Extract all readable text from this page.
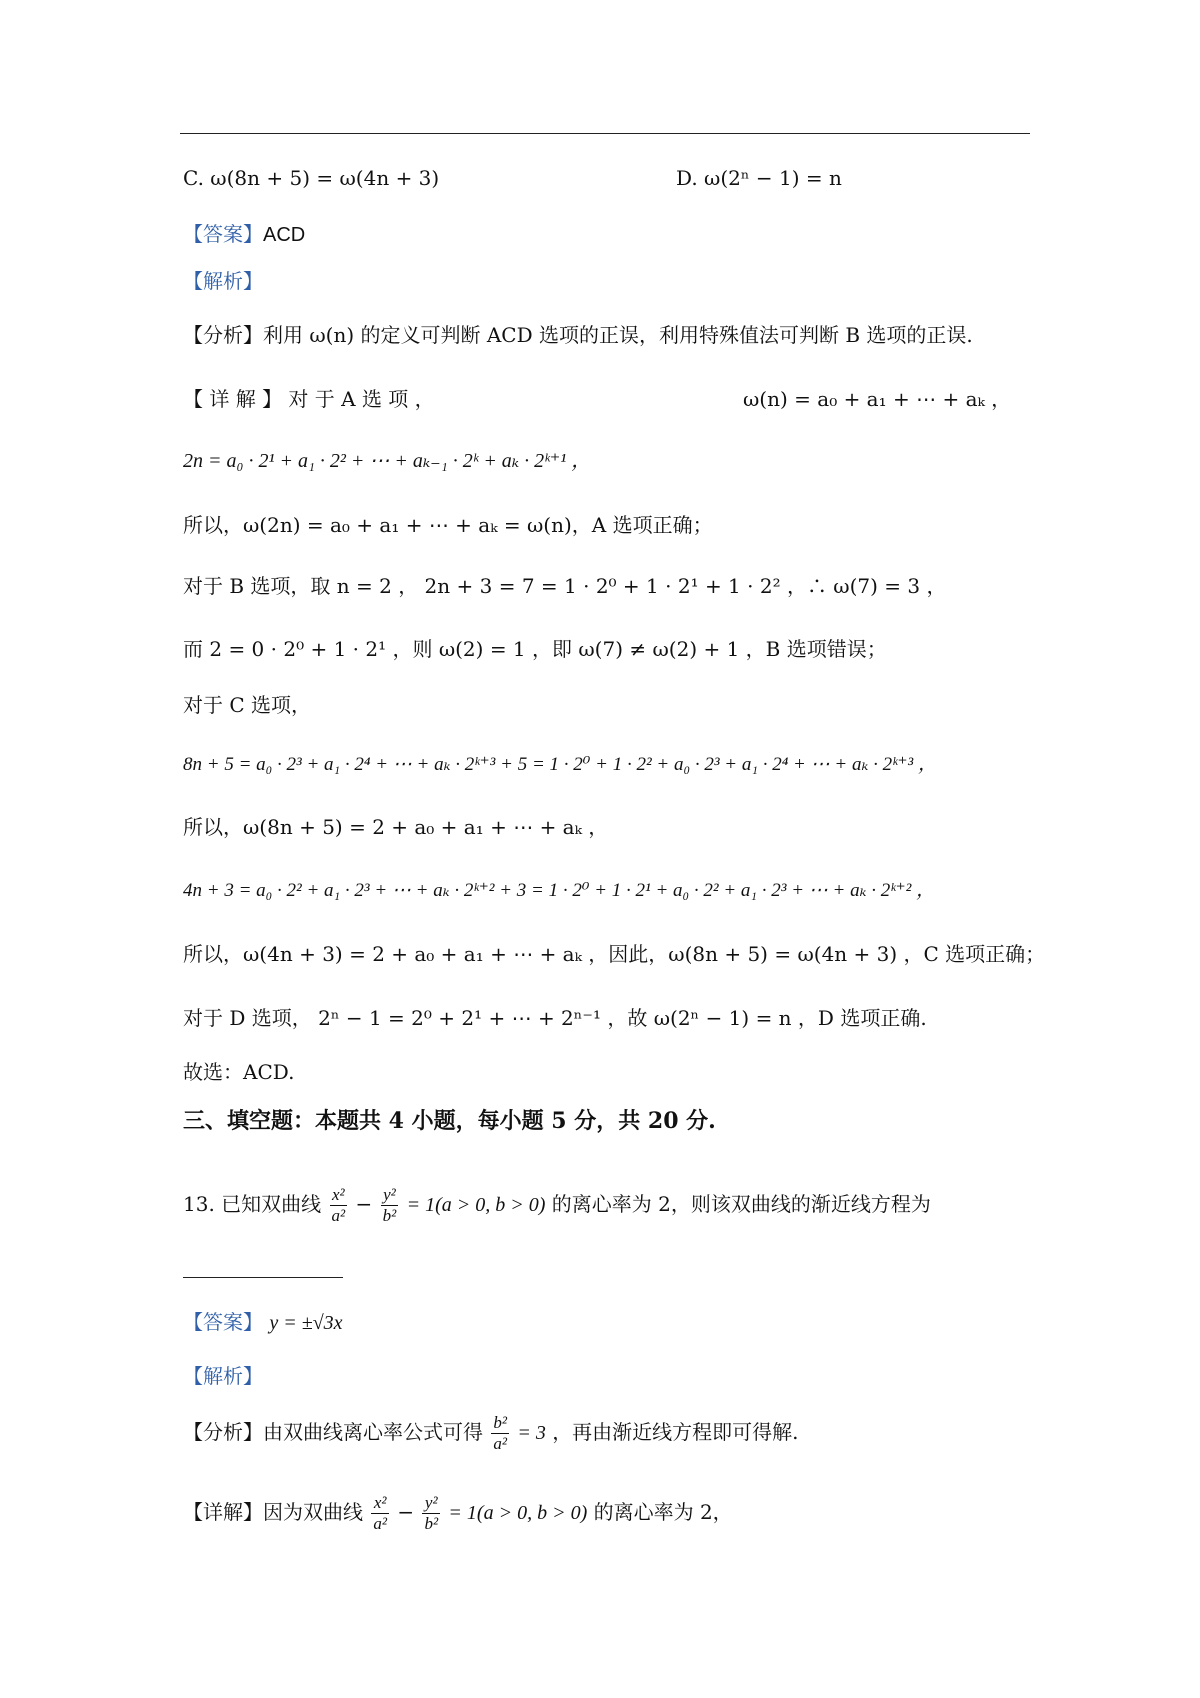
C. ω(8n + 5) = ω(4n + 3)	D. ω(2ⁿ − 1) = n
【答案】ACD
【解析】
【分析】利用 ω(n) 的定义可判断 ACD 选项的正误，利用特殊值法可判断 B 选项的正误.
【 详 解 】 对 于 A 选 项 ，	ω(n) = a₀ + a₁ + ⋯ + aₖ ，
2n = a₀ · 2¹ + a₁ · 2² + ⋯ + aₖ₋₁ · 2ᵏ + aₖ · 2ᵏ⁺¹ ，
所以，ω(2n) = a₀ + a₁ + ⋯ + aₖ = ω(n)，A 选项正确；
对于 B 选项，取 n = 2 ， 2n + 3 = 7 = 1 · 2⁰ + 1 · 2¹ + 1 · 2² ，∴ ω(7) = 3 ，
而 2 = 0 · 2⁰ + 1 · 2¹ ，则 ω(2) = 1 ，即 ω(7) ≠ ω(2) + 1 ，B 选项错误；
对于 C 选项，
8n + 5 = a₀ · 2³ + a₁ · 2⁴ + ⋯ + aₖ · 2ᵏ⁺³ + 5 = 1 · 2⁰ + 1 · 2² + a₀ · 2³ + a₁ · 2⁴ + ⋯ + aₖ · 2ᵏ⁺³ ，
所以，ω(8n + 5) = 2 + a₀ + a₁ + ⋯ + aₖ ，
4n + 3 = a₀ · 2² + a₁ · 2³ + ⋯ + aₖ · 2ᵏ⁺² + 3 = 1 · 2⁰ + 1 · 2¹ + a₀ · 2² + a₁ · 2³ + ⋯ + aₖ · 2ᵏ⁺² ，
所以，ω(4n + 3) = 2 + a₀ + a₁ + ⋯ + aₖ ，因此，ω(8n + 5) = ω(4n + 3) ，C 选项正确；
对于 D 选项， 2ⁿ − 1 = 2⁰ + 2¹ + ⋯ + 2ⁿ⁻¹ ，故 ω(2ⁿ − 1) = n ，D 选项正确.
故选：ACD.
三、填空题：本题共 4 小题，每小题 5 分，共 20 分.
13. 已知双曲线 $\frac{\text{x²}}{\text{a²}} - \frac{\text{y²}}{\text{b²}} = 1(a > 0$, b > 0) 的离心率为 2，则该双曲线的渐近线方程为
【答案】 y = ±√3x
【解析】
【分析】由双曲线离心率公式可得 $\frac{\text{b²}}{\text{a²}} = 3$ ，再由渐近线方程即可得解.
【详解】因为双曲线 $\frac{\text{x²}}{\text{a²}} - \frac{\text{y²}}{\text{b²}} = 1(a > 0$, b > 0) 的离心率为 2，
